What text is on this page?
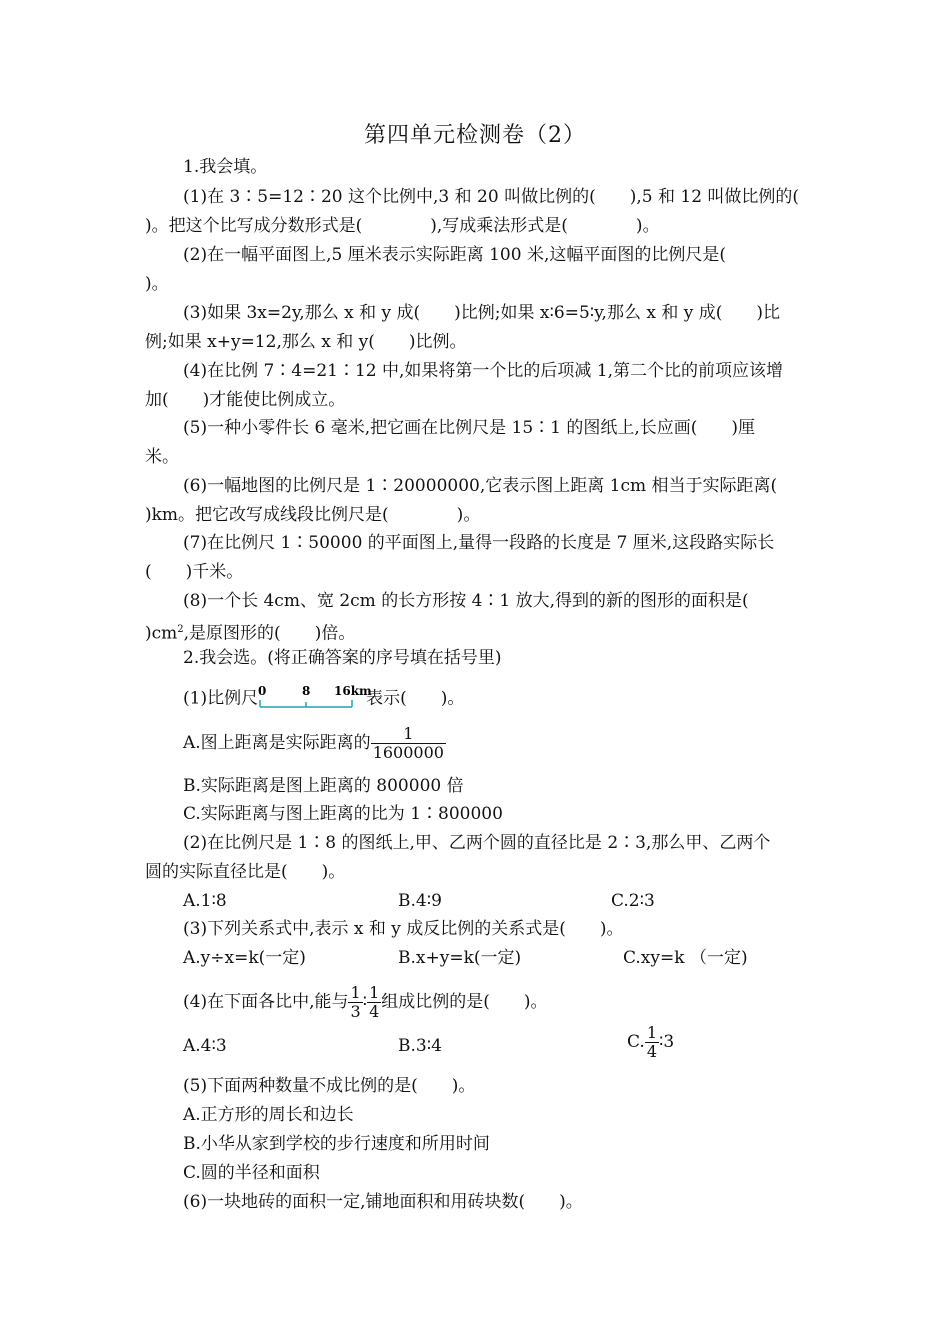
第四单元检测卷（2）
1.我会填。
(1)在 3∶5=12∶20 这个比例中,3 和 20 叫做比例的(　　),5 和 12 叫做比例的(
)。把这个比写成分数形式是(　　　　),写成乘法形式是(　　　　)。
(2)在一幅平面图上,5 厘米表示实际距离 100 米,这幅平面图的比例尺是(
)。
(3)如果 3x=2y,那么 x 和 y 成(　　)比例;如果 x∶6=5∶y,那么 x 和 y 成(　　)比
例;如果 x+y=12,那么 x 和 y(　　)比例。
(4)在比例 7∶4=21∶12 中,如果将第一个比的后项减 1,第二个比的前项应该增
加(　　)才能使比例成立。
(5)一种小零件长 6 毫米,把它画在比例尺是 15∶1 的图纸上,长应画(　　)厘
米。
(6)一幅地图的比例尺是 1∶20000000,它表示图上距离 1cm 相当于实际距离(
)km。把它改写成线段比例尺是(　　　　)。
(7)在比例尺 1∶50000 的平面图上,量得一段路的长度是 7 厘米,这段路实际长
(　　)千米。
(8)一个长 4cm、宽 2cm 的长方形按 4∶1 放大,得到的新的图形的面积是(
)$cm^2$,是原图形的(　　)倍。
2.我会选。(将正确答案的序号填在括号里)
(1)比例尺 0	8 16km
表示(　　)。
A.图上距离是实际距离的 $\frac{1}{1600000}$
B.实际距离是图上距离的 800000 倍
C.实际距离与图上距离的比为 1∶800000
(2)在比例尺是 1∶8 的图纸上,甲、乙两个圆的直径比是 2∶3,那么甲、乙两个
圆的实际直径比是(　　)。
A.1∶8	B.4∶9	C.2∶3
(3)下列关系式中,表示 x 和 y 成反比例的关系式是(　　)。
A.y÷x=k(一定)	B.x+y=k(一定)	C.xy=k （一定)
(4)在下面各比中,能与 $\frac{1}{3}$ ∶ $\frac{1}{4}$ 组成比例的是(　　)。
A.4∶3	B.3∶4	C. $\frac{1}{4}$ ∶3
(5)下面两种数量不成比例的是(　　)。
A.正方形的周长和边长
B.小华从家到学校的步行速度和所用时间
C.圆的半径和面积
(6)一块地砖的面积一定,铺地面积和用砖块数(　　)。
